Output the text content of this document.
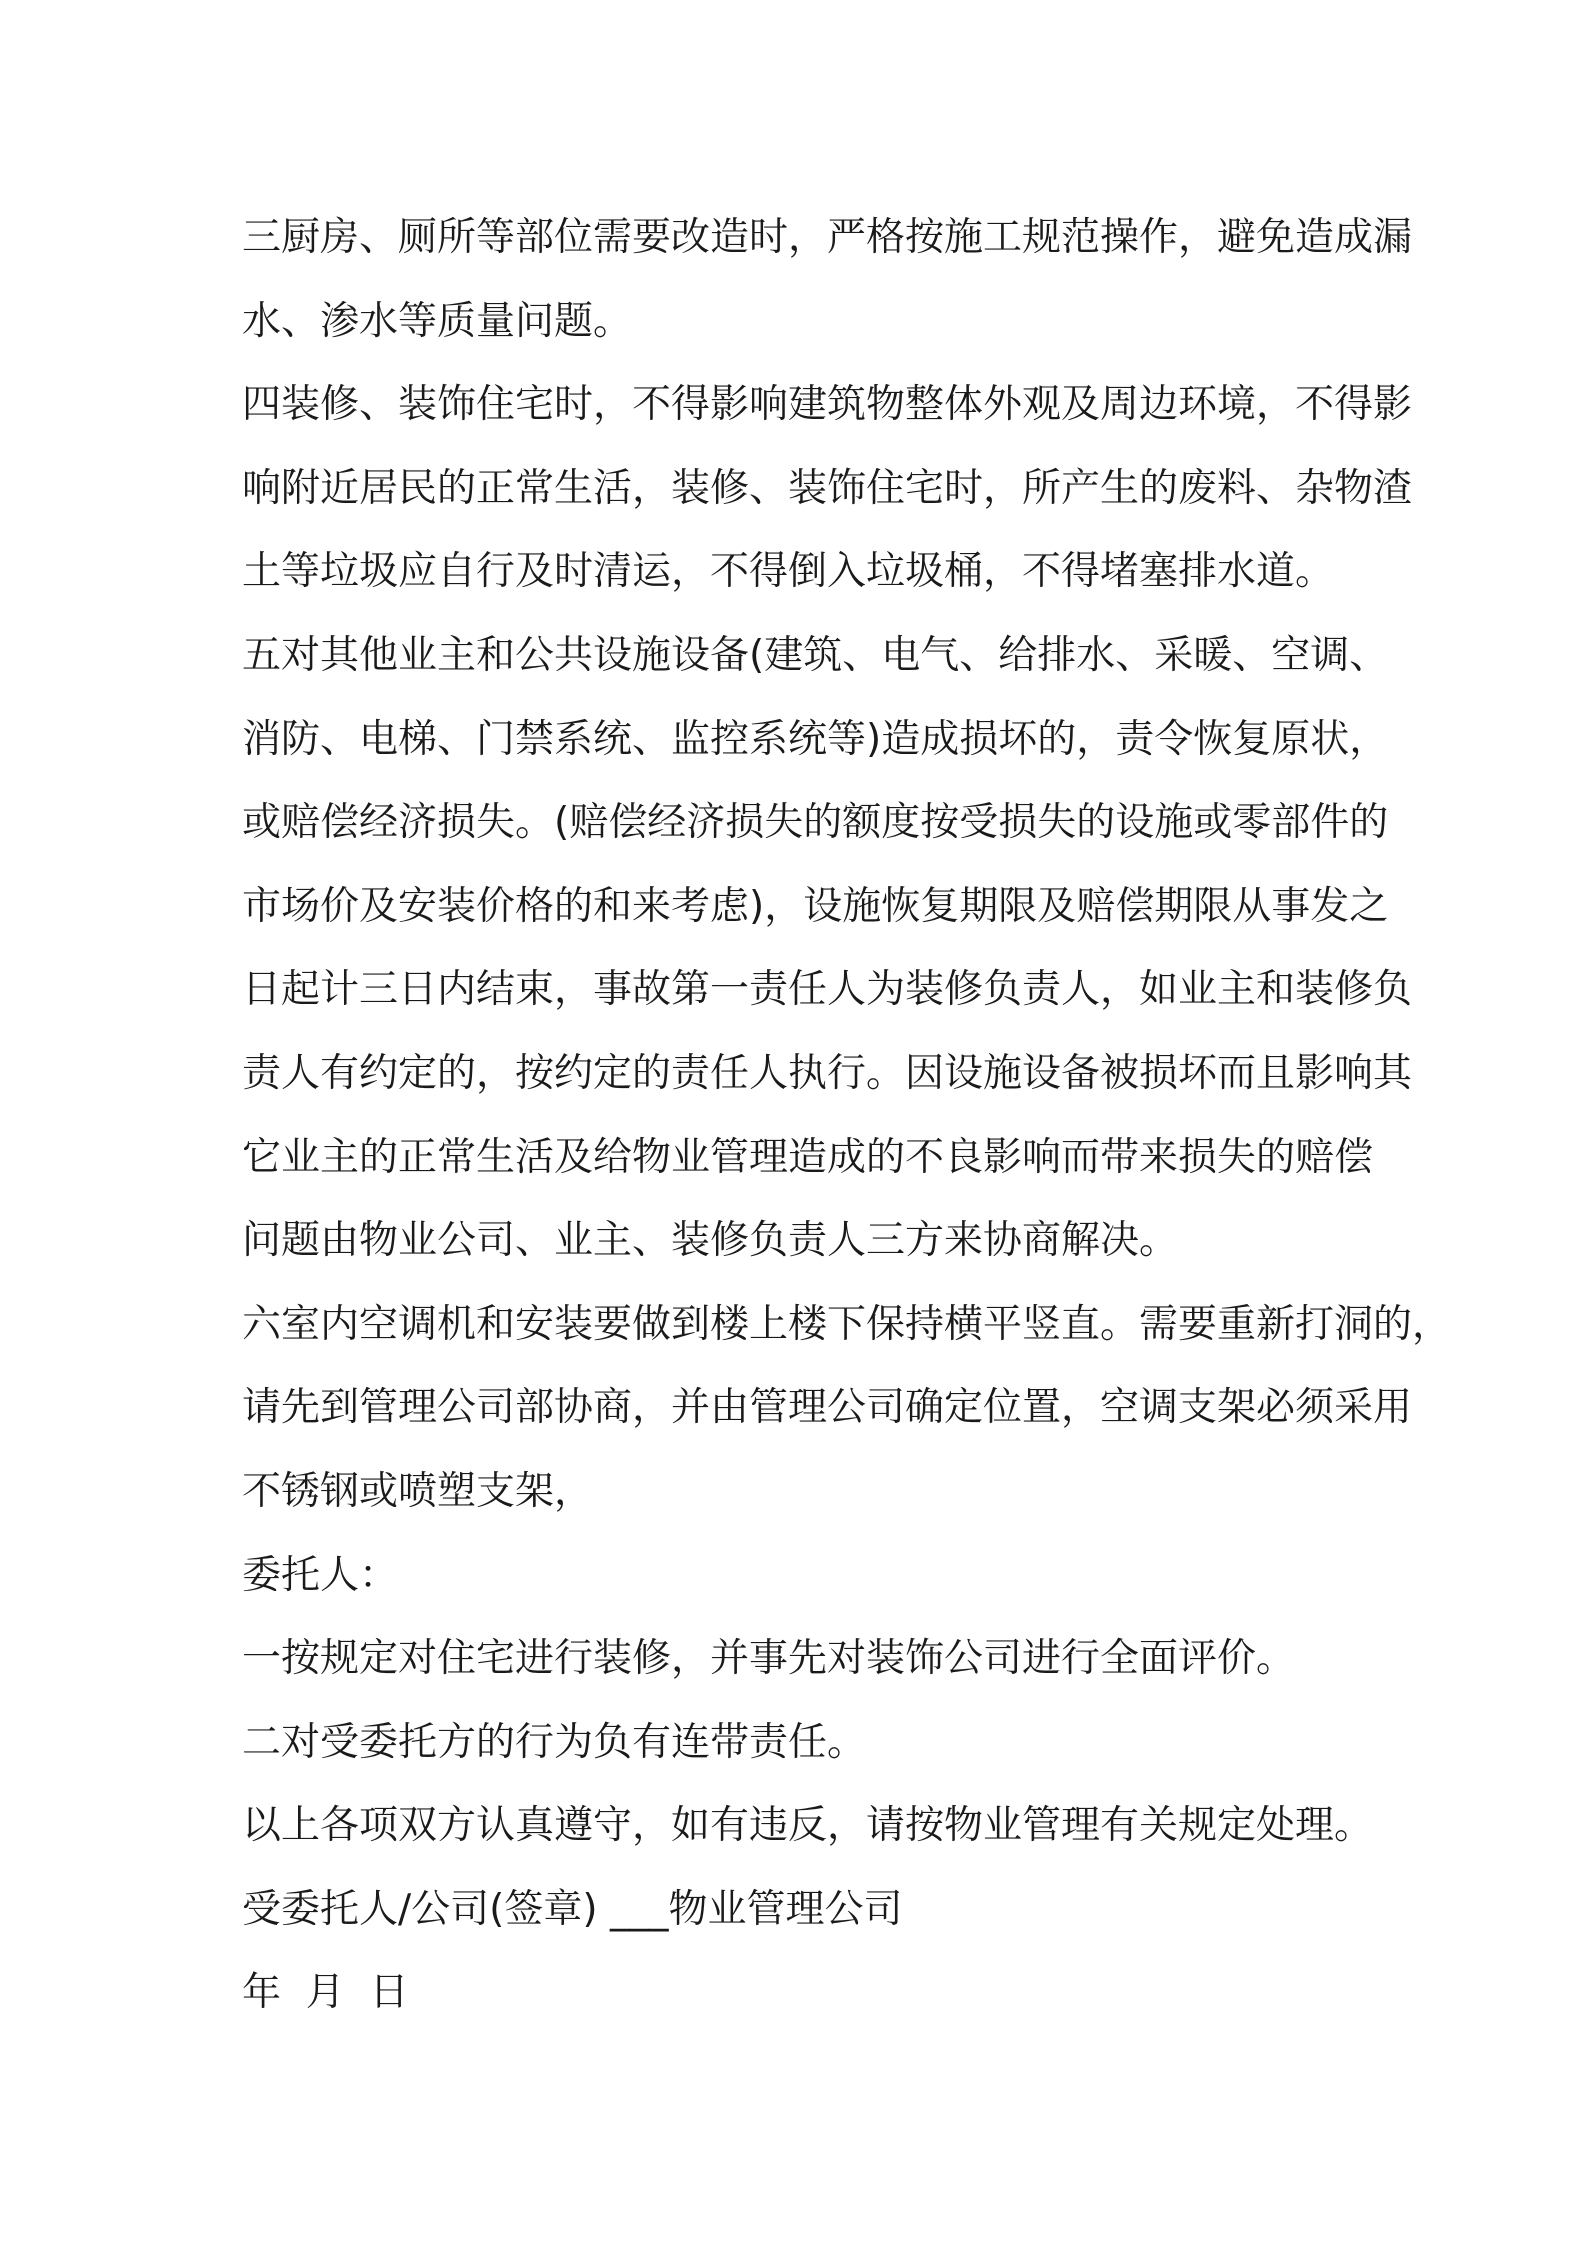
三厨房、厕所等部位需要改造时，严格按施工规范操作，避免造成漏
水、渗水等质量问题。
四装修、装饰住宅时，不得影响建筑物整体外观及周边环境，不得影
响附近居民的正常生活，装修、装饰住宅时，所产生的废料、杂物渣
土等垃圾应自行及时清运，不得倒入垃圾桶，不得堵塞排水道。
五对其他业主和公共设施设备(建筑、电气、给排水、采暖、空调、
消防、电梯、门禁系统、监控系统等)造成损坏的，责令恢复原状，
或赔偿经济损失。(赔偿经济损失的额度按受损失的设施或零部件的
市场价及安装价格的和来考虑)，设施恢复期限及赔偿期限从事发之
日起计三日内结束，事故第一责任人为装修负责人，如业主和装修负
责人有约定的，按约定的责任人执行。因设施设备被损坏而且影响其
它业主的正常生活及给物业管理造成的不良影响而带来损失的赔偿
问题由物业公司、业主、装修负责人三方来协商解决。
六室内空调机和安装要做到楼上楼下保持横平竖直。需要重新打洞的，
请先到管理公司部协商，并由管理公司确定位置，空调支架必须采用
不锈钢或喷塑支架，
委托人：
一按规定对住宅进行装修，并事先对装饰公司进行全面评价。
二对受委托方的行为负有连带责任。
以上各项双方认真遵守，如有违反，请按物业管理有关规定处理。
受委托人/公司(签章) ___物业管理公司
年  月  日
